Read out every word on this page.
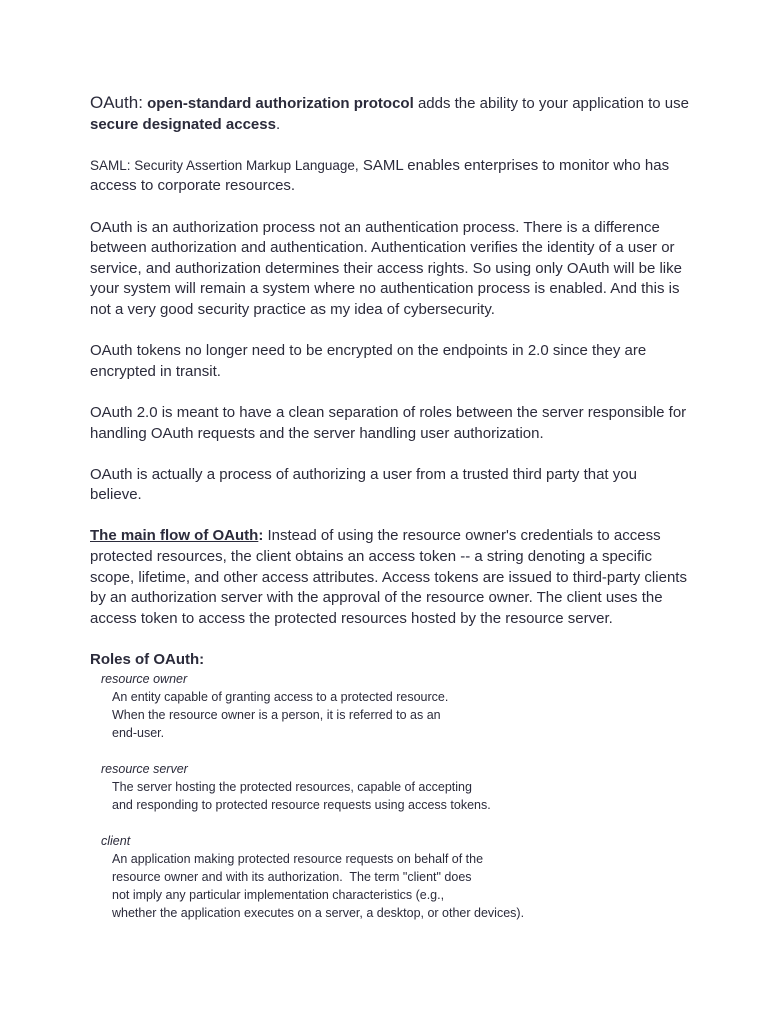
OAuth: open-standard authorization protocol adds the ability to your application to use secure designated access.

SAML: Security Assertion Markup Language, SAML enables enterprises to monitor who has access to corporate resources.

OAuth is an authorization process not an authentication process. There is a difference between authorization and authentication. Authentication verifies the identity of a user or service, and authorization determines their access rights. So using only OAuth will be like your system will remain a system where no authentication process is enabled. And this is not a very good security practice as my idea of cybersecurity.

OAuth tokens no longer need to be encrypted on the endpoints in 2.0 since they are encrypted in transit.

OAuth 2.0 is meant to have a clean separation of roles between the server responsible for handling OAuth requests and the server handling user authorization.

OAuth is actually a process of authorizing a user from a trusted third party that you believe.

The main flow of OAuth: Instead of using the resource owner's credentials to access protected resources, the client obtains an access token -- a string denoting a specific scope, lifetime, and other access attributes. Access tokens are issued to third-party clients by an authorization server with the approval of the resource owner. The client uses the access token to access the protected resources hosted by the resource server.

Roles of OAuth:

resource owner
An entity capable of granting access to a protected resource.
When the resource owner is a person, it is referred to as an
end-user.
resource server
The server hosting the protected resources, capable of accepting
and responding to protected resource requests using access tokens.
client
An application making protected resource requests on behalf of the
resource owner and with its authorization.  The term "client" does
not imply any particular implementation characteristics (e.g.,
whether the application executes on a server, a desktop, or other devices).
